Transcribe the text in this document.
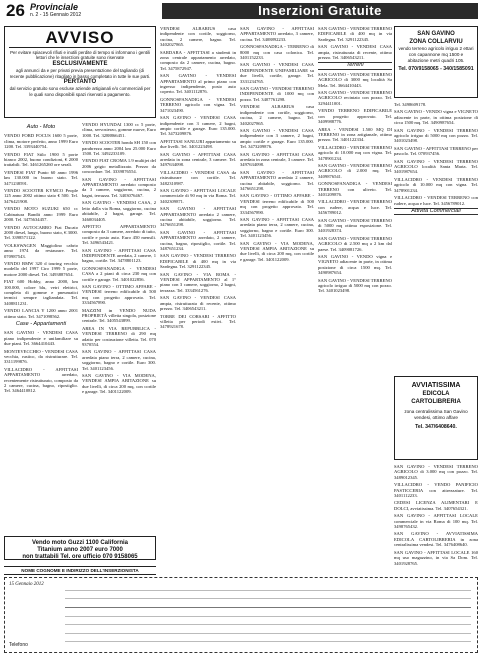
26 Provinciale
n. 2 - 15 Gennaio 2012	Inserzioni Gratuite
AVVISO

Per evitare spiacevoli rifiuti e inutili perdite di tempo si informano i gentili lettori che le inserzioni gratuite sono riservate

ESCLUSIVAMENTE

agli annunci da e per privati previa presentazione del tagliando (di recente pubblicazione) ritagliato in basso completato in tutte le sue parti.

PERTANTO

dal servizio gratuito sono escluse aziende artigianali e/o commerciali per le quali sono disponibili spazi riservati a pagamento.

Auto - Moto

VENDO FORD FOCUS 1600 5 porte, clima, motore perfetto, anno 1999 Euro 1200. Tel. 3393440754.

VENDO FIAT Stilo 1900 5 porte bianco 2002, buono condizioni, € 2000 trattabili. Tel. 3461265260 ore serali.

VENDESI FIAT Punto 60 anno 1996 km 130.000 in buono stato. Tel. 3471238591.

VENDO SCOOTER KYMCO People 125 anno 2002 ottimo stato € 500. Tel. 3476421908.

VENDO MOTO SUZUKI 650 cc Cabinatura Bandit anno 1999 Euro 2000. Tel. 3475634457.

VENDO AUTOCARRO Fiat Ducato 2000 diesel, lungo, buono stato, € 3000. Tel. 3398571122.

VOLKSWAGEN Maggiolino cabrio anno 1974 da restaurare. Tel. 070987543.

VENDO BMW 320 d touring vecchio modello del 1997 Ciro 1999 5 porte, motore 2000 diesel. Tel. 3493887654.

FIAT 600 Hobby, anno 2000, km 100.000, colore blu, vetri elettrici, completa di gomme e pneumatici termici sempre tagliandata. Tel. 3408811231.

VENDO LANCIA Y 1200 anno 2001 ottimo stato. Tel. 3471098562.

Case - Appartamenti

SAN GAVINO - VENDESI CASA piano indipendente e unifamiliare su due piani. Tel. 3664410443.

MONTEVECCHIO - VENDESI CASA vecchia, rustico, da ristrutturare. Tel. 3311199876.

VILLACIDRO - AFFITTASI APPARTAMENTO arredato, recentemente ristrutturato, composto da 2 camere, cucina, bagno, ripostiglio. Tel. 3464410812.

VENDO HYUNDAI 1300 cc 5 porte, clima, servosterzo, gomme nuove, Euro 1000. Tel. 3288866451.

VENDO SCOOTER honda SH 150 con parabrezza anno 2004 km 25.000 Euro 1500. Tel. 3492233109.

VENDO FIAT CROMA 1.9 multijet del 2006 grigio metallizzato. Prezzo da concordare. Tel. 3339876554.

SAN GAVINO - AFFITTASI APPARTAMENTO arredato composto da 3 camere, soggiorno, cucina, 2 bagni, terrazza. Tel. 3403076467.

SAN GAVINO - VENDESI CASA, 2 letto dalla via Roma, soggiorno, cucina abitabile, 2 bagni, garage. Tel. 3460034405.

AFFITTO APPARTAMENTO composto da 3 camere, arredato di tutto, cortile e posto auto. Euro 450 mensili. Tel. 3496543421.

SAN GAVINO - AFFITTASI CASA INDIPENDENTE arredata, 2 camere, 1 bagno, cortile. Tel. 3478801123.

GONNOSFANADIGA - VENDESI CASA a 2 piani di circa 230 mq con cortile e garage. Tel. 3401022856.

SAN GAVINO - OTTIMO AFFARE - VENDESI terreno edificabile di 500 mq con progetto approvato. Tel. 3334567890.

MAZZINI in VENDO NUDA PROPRIETÀ villetta singola, posizione centrale. Tel. 3405543899.

AREA IN VIA REPUBBLICA - VENDESI TERRENO di 290 mq adatto per costruzione villetta. Tel. 070 9370554.

SAN GAVINO - AFFITTASI CASA arredata piano terra, 2 camere, cucina, soggiorno, bagno e cortile. Euro 300. Tel. 3401123456.

SAN GAVINO - VIA MODENA, VENDESI AMPIA ABITAZIONE su due livelli, di circa 200 mq, con cortile e garage. Tel. 3401122009.

Vendo moto Guzzi 1100 California
Titanium anno 2007 euro 7000
non trattabili Tel. ore ufficio 070 9158065
NOME COGNOME E INDIRIZZO DELL'INSERZIONISTA

VENDESI ALBARIUS casa indipendente con cortile, soggiorno, cucina, 2 camere, bagno. Tel. 3402027865.

SARDARA - AFFITTASI a studenti in zona centrale appartamento arredato, composto da 2 camere, cucina, bagno. Tel. 3475872947.

SAN GAVINO - VENDESI APPARTAMENTO al primo piano con ingresso indipendente, posto auto coperto. Tel. 3401112876.

GONNOSFANADIGA - VENDESI TERRENO agricolo con vigna. Tel. 3471023490.

SAN GAVINO - VENDESI CASA indipendente con 3 camere, 2 bagni, ampio cortile e garage. Euro 135.000. Tel. 3473209876.

AFFITTASI SANLURI appartamento su due livelli. Tel. 3401223498.

SAN GAVINO - AFFITTASI CASA arredata in zona centrale, 3 camere. Tel. 3497634098.

VILLACIDRO - VENDESI CASA da ristrutturare con cortile. Tel. 3482310987.

SAN GAVINO - AFFITTASI LOCALE commerciale di 90 mq in via Roma. Tel. 3402309871.

SAN GAVINO - AFFITTASI APPARTAMENTO arredato 2 camere, cucina abitabile, soggiorno. Tel. 3476651298.

SAN GAVINO - AFFITTASI APPARTAMENTO arredato, 2 camere, cucina, bagno, ripostiglio, cortile. Tel. 3487651234.

SAN GAVINO - VENDESI TERRENO EDIFICABILE di 400 mq in via Sardegna. Tel. 3291122345.

SAN GAVINO - VIA ROMA - VENDESI APPARTAMENTO al 1° piano con 3 camere, soggiorno, 2 bagni, terrazza. Tel. 3334561276.

SAN GAVINO - VENDESI CASA ampia, ristrutturata di recente, ottimo prezzo. Tel. 3406543211.

TORRE DEI CORSARI - AFFITTO villetta per periodi estivi. Tel. 3478921678.

SAN GAVINO - AFFITTASI APPARTAMENTO arredato, 3 camere, cucina. Tel. 3408892233.

GONNOSFANADIGA - TERRENO di 8000 mq con casa colonica. Tel. 3401152233.

SAN GAVINO - VENDESI CASA INDIPENDENTE UNIFAMILIARE su due livelli, cortile, garage. Tel. 3331234765.

SAN GAVINO - VENDESI TERRENO INDIPENDENTE di 1000 mq con pozzo. Tel. 3407761298.

VENDESI ALBARIUS casa indipendente con cortile, soggiorno, cucina, 2 camere, bagno. Tel. 3402027865.

SAN GAVINO - VENDESI CASA indipendente con 3 camere, 2 bagni, ampio cortile e garage. Euro 135.000. Tel. 3473209876.

SAN GAVINO - AFFITTASI CASA arredata in zona centrale, 3 camere. Tel. 3497634098.

SAN GAVINO - AFFITTASI APPARTAMENTO arredato 2 camere, cucina abitabile, soggiorno. Tel. 3476651298.

SAN GAVINO - OTTIMO AFFARE - VENDESI terreno edificabile di 500 mq con progetto approvato. Tel. 3334567890.

SAN GAVINO - AFFITTASI CASA arredata piano terra, 2 camere, cucina, soggiorno, bagno e cortile. Euro 300. Tel. 3401123456.

SAN GAVINO - VIA MODENA, VENDESI AMPIA ABITAZIONE su due livelli, di circa 200 mq, con cortile e garage. Tel. 3401122009.

SAN GAVINO - VENDESI TERRENO EDIFICABILE di 400 mq in via Sardegna. Tel. 3291122345.

SAN GAVINO - VENDESI CASA ampia, ristrutturata di recente, ottimo prezzo. Tel. 3406543211.

Terreni

SAN GAVINO - VENDESI TERRENO AGRICOLO di 3000 mq località Sa Mela. Tel. 3664410443.

SAN GAVINO - VENDESI TERRENO AGRICOLO recintato con pozzo. Tel. 3294411001.

VENDO TERRENO EDIFICABILE con progetto approvato. Tel. 3409988776.

AREA - VENDESI 1.500 MQ DI TERRENO in zona artigianale, ottimo prezzo. Tel. 3401122334.

VILLACIDRO - VENDESI TERRENO agricolo di 10.000 mq con vigna. Tel. 3478901234.

SAN GAVINO - VENDESI TERRENO AGRICOLO di 2.000 mq. Tel. 3409876541.

GONNOSFANADIGA - VENDESI TERRENO con uliveto. Tel. 3401209876.

VILLACIDRO - VENDESI TERRENO con rudere, acqua e luce. Tel. 3456789012.

SAN GAVINO - VENDESI TERRENO di 5000 mq ottima esposizione. Tel. 3401928374.

SAN GAVINO - VENDESI TERRENO AGRICOLO di 2.500 mq a 2 km dal paese. Tel. 3409081726.

SAN GAVINO - VENDO vigna e VIGNETO adiacente in parte, in ottima posizione di circa 1500 mq. Tel. 3490987654.

SAN GAVINO - VENDESI TERRENO agricolo irriguo di 5000 mq con pozzo. Tel. 3401023498.

SAN GAVINO
ZONA COLLARVIU
vendo terreno agricolo irriguo 2 ettari con capannone mq 1500 e abitazione metri quadri 105.
Tel. 070/9158065 - 340/1585091

Tel. 3498609178.

SAN GAVINO - VENDO vigna e VIGNETO adiacente in parte, in ottima posizione di circa 1500 mq. Tel. 3490987654.

SAN GAVINO - VENDESI TERRENO agricolo irriguo di 5000 mq con pozzo. Tel. 3401023498.

SAN GAVINO - AFFITTASI TERRENO per pascolo. Tel. 070937456.

SAN GAVINO - VENDESI TERRENO AGRICOLO località Santa Maria. Tel. 3401987654.

VILLACIDRO - VENDESI TERRENO agricolo di 10.000 mq con vigna. Tel. 3478901234.

VILLACIDRO - VENDESI TERRENO con rudere, acqua e luce. Tel. 3456789012.

Attività Commerciali
AVVIATISSIMA
EDICOLA CARTOLIBRERIA
zona centralissima San Gavino vendesi, ottimo affare
Tel. 347/6408640.

SAN GAVINO - VENDESI TERRENO AGRICOLO di 3.000 mq con pozzo. Tel. 3489012345.

VILLACIDRO - VENDO PANIFICIO PASTICCERIA con attrezzature. Tel. 3401112233.

CEDESI LICENZA ALIMENTARI E DOLCI, avviatissima. Tel. 3407654321.

SAN GAVINO - AFFITTASI LOCALE commerciale in via Roma di 100 mq. Tel. 3498765432.

SAN GAVINO - AVVIATISSIMA EDICOLA CARTOLIBRERIA in zona centralissima vendesi. Tel. 3476408640.

SAN GAVINO - AFFITTASI LOCALE 160 mq uso magazzino, in via Sa Dom. Tel. 3401928765.

15 Gennaio 2012
Telefono
